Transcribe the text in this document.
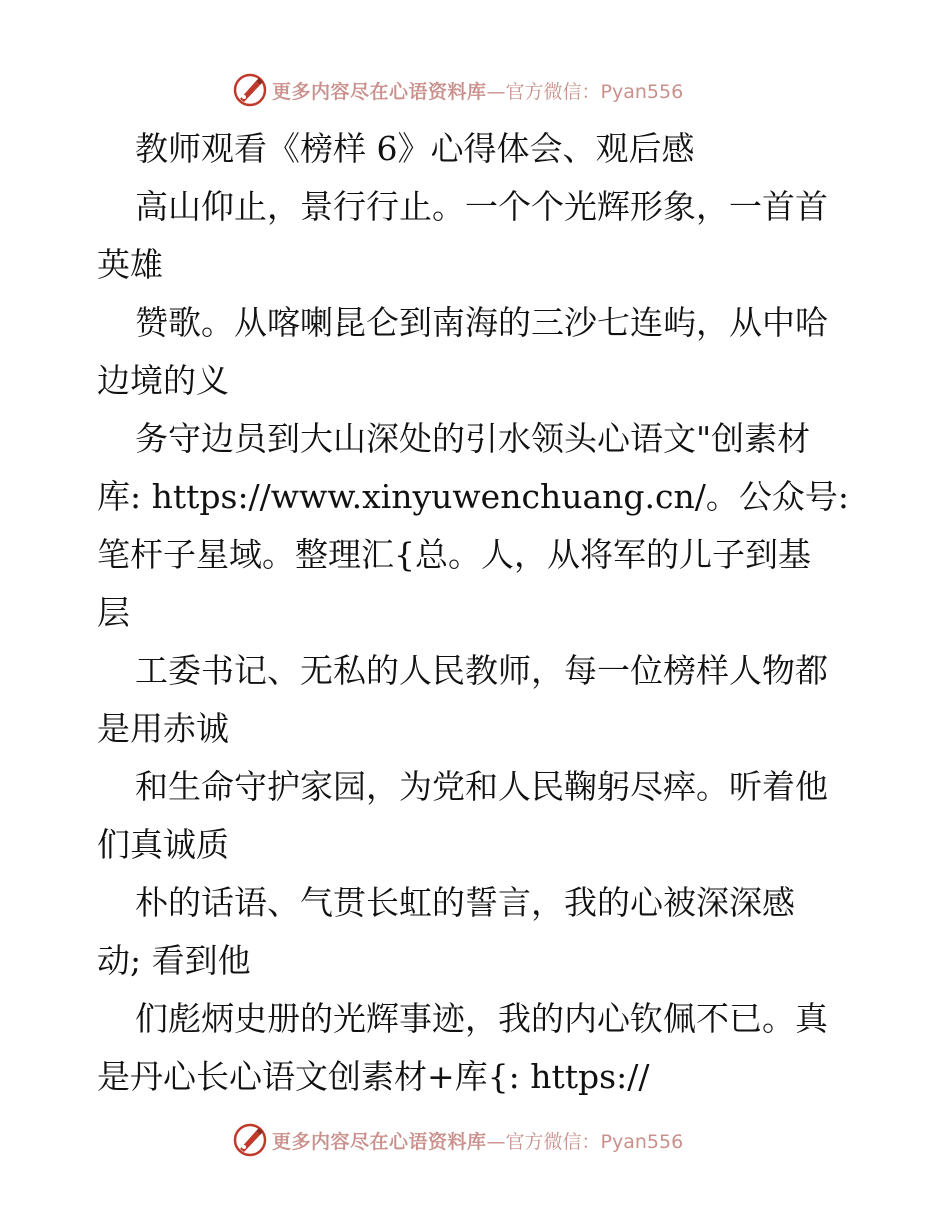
更多内容尽在心语资料库 —官方微信：Pyan556
教师观看《榜样 6》心得体会、观后感
高山仰止，景行行止。一个个光辉形象，一首首
英雄
赞歌。从喀喇昆仑到南海的三沙七连屿，从中哈
边境的义
务守边员到大山深处的引水领头心语文"创素材
库: https://www.xinyuwenchuang.cn/。公众号:
笔杆子星域。整理汇{总。人，从将军的儿子到基
层
工委书记、无私的人民教师，每一位榜样人物都
是用赤诚
和生命守护家园，为党和人民鞠躬尽瘁。听着他
们真诚质
朴的话语、气贯长虹的誓言，我的心被深深感
动; 看到他
们彪炳史册的光辉事迹，我的内心钦佩不已。真
是丹心长心语文创素材+库{: https://
更多内容尽在心语资料库 —官方微信：Pyan556
